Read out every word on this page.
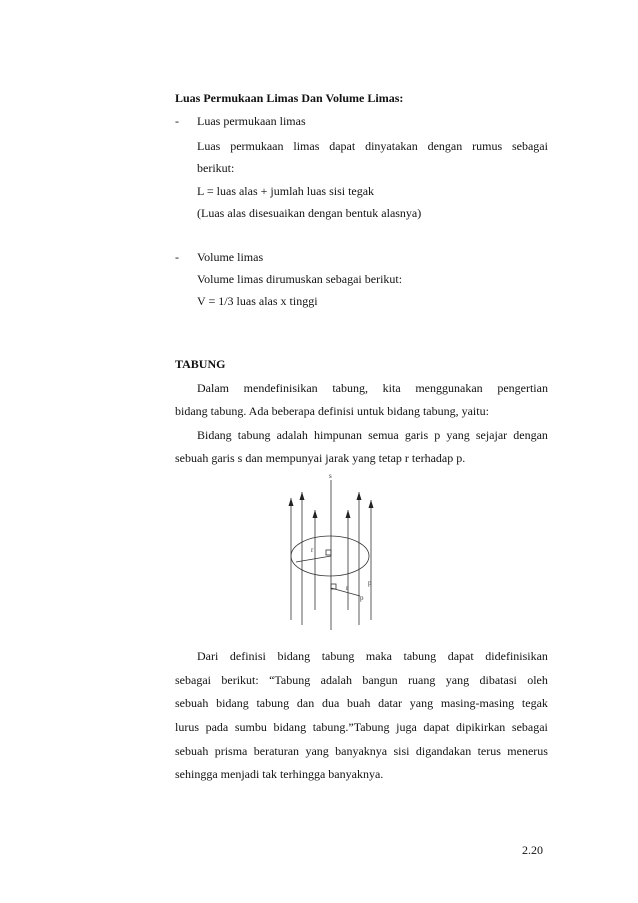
Luas Permukaan Limas Dan Volume Limas:
- Luas permukaan limas
Luas permukaan limas dapat dinyatakan dengan rumus sebagai
berikut:
L = luas alas + jumlah luas sisi tegak
(Luas alas disesuaikan dengan bentuk alasnya)
- Volume limas
Volume limas dirumuskan sebagai berikut:
V = 1/3 luas alas x tinggi
TABUNG
Dalam mendefinisikan tabung, kita menggunakan pengertian
bidang tabung. Ada beberapa definisi untuk bidang tabung, yaitu:
Bidang tabung adalah himpunan semua garis p yang sejajar dengan
sebuah garis s dan mempunyai jarak yang tetap r terhadap p.
s
r
r
p
p
Dari definisi bidang tabung maka tabung dapat didefinisikan
sebagai berikut: “Tabung adalah bangun ruang yang dibatasi oleh
sebuah bidang tabung dan dua buah datar yang masing-masing tegak
lurus pada sumbu bidang tabung.”Tabung juga dapat dipikirkan sebagai
sebuah prisma beraturan yang banyaknya sisi digandakan terus menerus
sehingga menjadi tak terhingga banyaknya.
2.20
